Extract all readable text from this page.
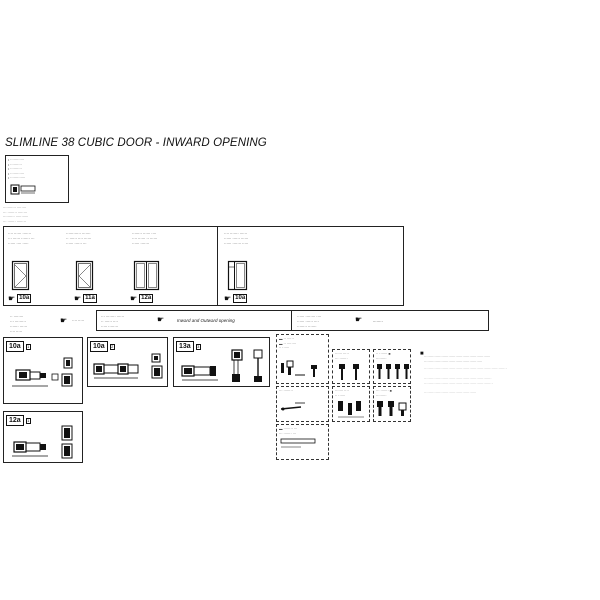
SLIMLINE 38 CUBIC DOOR - INWARD OPENING
• ············
• ··········
• ··········
• ············
• ·············
··········· ········
··· ········ ········
·········· ···········
··· ······· ········
···· ······ ·······
··· ······ ······· ···
······ ···· ·····
············ ·······
·· ······ ···· ······
······ ······ ···
········ ······ ····
···· ······ ·· ······
······ ·······
···· ······· ······
······ ······ ······
······ ······· ·····
☛ 10a	☛ 11a	☛ 12a	☛ 10a
·· ········
··· ·········
······· ······
···· ·····
☛ ···· ·····
··· ········ ······
·· ······ ····
····· ········
☛	Inward and Outward opening
······ ········ ····
······ ······ ····
········ ·······
☛ ........
10a	1	10a	2	13a	3
12a	1
▬ ·· ······
▬ ·· ········
·· ······
······ ·····
··· ·······
·· ······· ■
·········
··· ········	······· ····
·· ······
··· ······· ■
·········
▬ ········ ···
··· ······· ···
■ ·························································
··················································
·······································································
··························································
···························································
·············································
